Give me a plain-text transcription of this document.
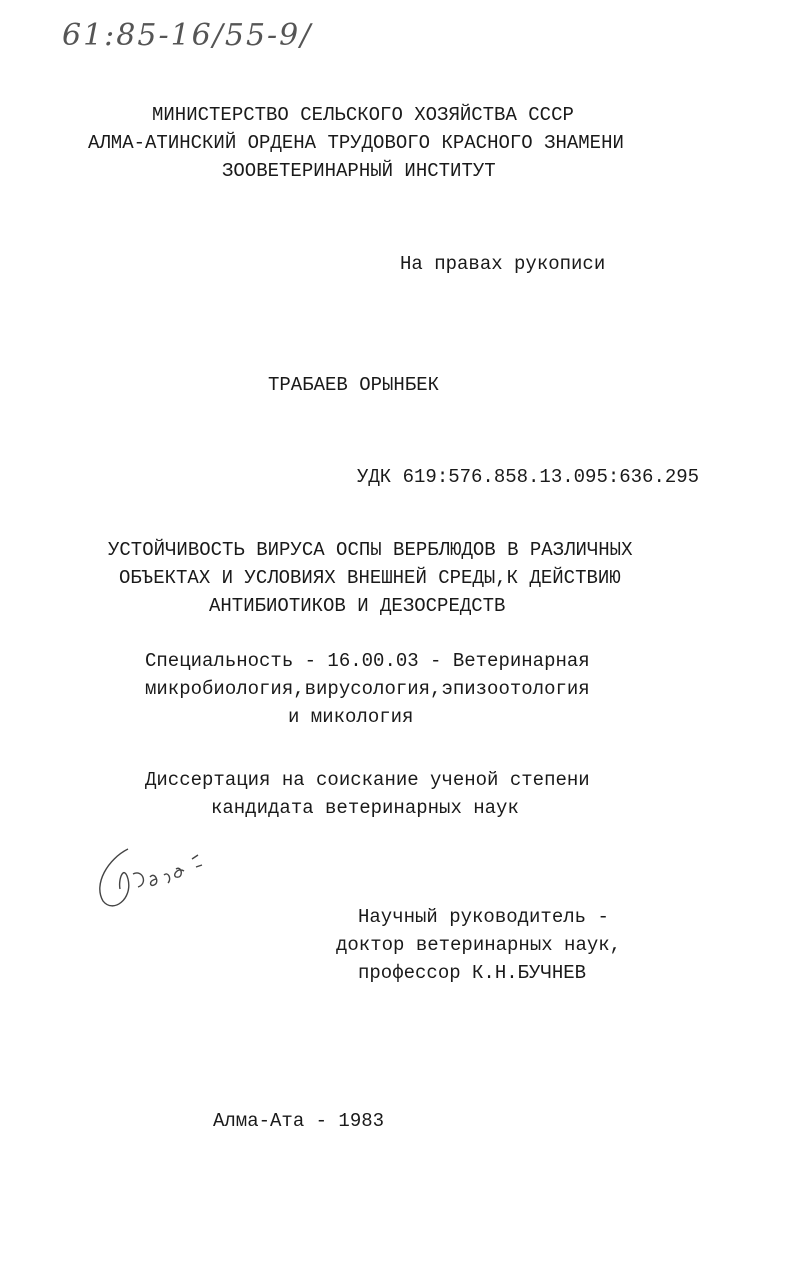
61:85-16/55-9/
МИНИСТЕРСТВО СЕЛЬСКОГО ХОЗЯЙСТВА СССР
АЛМА-АТИНСКИЙ ОРДЕНА ТРУДОВОГО КРАСНОГО ЗНАМЕНИ
ЗООВЕТЕРИНАРНЫЙ ИНСТИТУТ
На правах рукописи
ТРАБАЕВ ОРЫНБЕК
УДК 619:576.858.13.095:636.295
УСТОЙЧИВОСТЬ ВИРУСА ОСПЫ ВЕРБЛЮДОВ В РАЗЛИЧНЫХ
ОБЪЕКТАХ И УСЛОВИЯХ ВНЕШНЕЙ СРЕДЫ,К ДЕЙСТВИЮ
АНТИБИОТИКОВ И ДЕЗОСРЕДСТВ
Специальность - 16.00.03 - Ветеринарная
микробиология,вирусология,эпизоотология
и микология
Диссертация на соискание ученой степени
кандидата ветеринарных наук

Научный руководитель -
доктор ветеринарных наук,
профессор К.Н.БУЧНЕВ
Алма-Ата - 1983
